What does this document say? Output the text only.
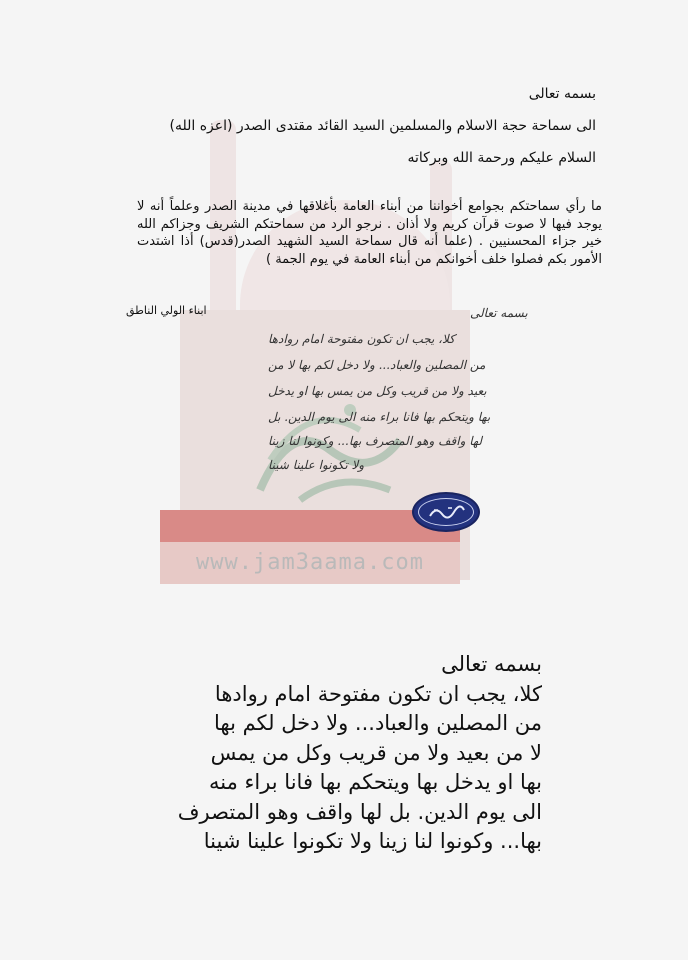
www.jam3aama.com
بسمه تعالى
الى سماحة حجة الاسلام والمسلمين السيد القائد مقتدى الصدر (اعزه الله)
السلام عليكم ورحمة الله وبركاته
ما رأي سماحتكم بجوامع أخواننا من أبناء العامة بأغلاقها في مدينة الصدر وعلماً أنه لا يوجد فيها لا صوت قرآن كريم ولا أذان . نرجو الرد من سماحتكم الشريف وجزاكم الله خير جزاء المحسنيين . (علما أنه قال سماحة السيد الشهيد الصدر(قدس) أذا اشتدت الأمور بكم فصلوا خلف أخوانكم من أبناء العامة في يوم الجمة )
ابناء الولي الناطق	بسمه تعالى
كلا، يجب ان تكون مفتوحة امام روادها
من المصلين والعباد... ولا دخل لكم بها لا من
بعيد ولا من قريب وكل من يمس بها او يدخل
بها ويتحكم بها فانا براء منه الى يوم الدين. بل
لها واقف وهو المتصرف بها... وكونوا لنا زينا
ولا تكونوا علينا شينا
بسمه تعالى
كلا، يجب ان تكون مفتوحة امام روادها
من المصلين والعباد... ولا دخل لكم بها
لا من بعيد ولا من قريب وكل من يمس
بها او يدخل بها ويتحكم بها فانا براء منه
الى يوم الدين. بل لها واقف وهو المتصرف
بها... وكونوا لنا زينا ولا تكونوا علينا شينا
